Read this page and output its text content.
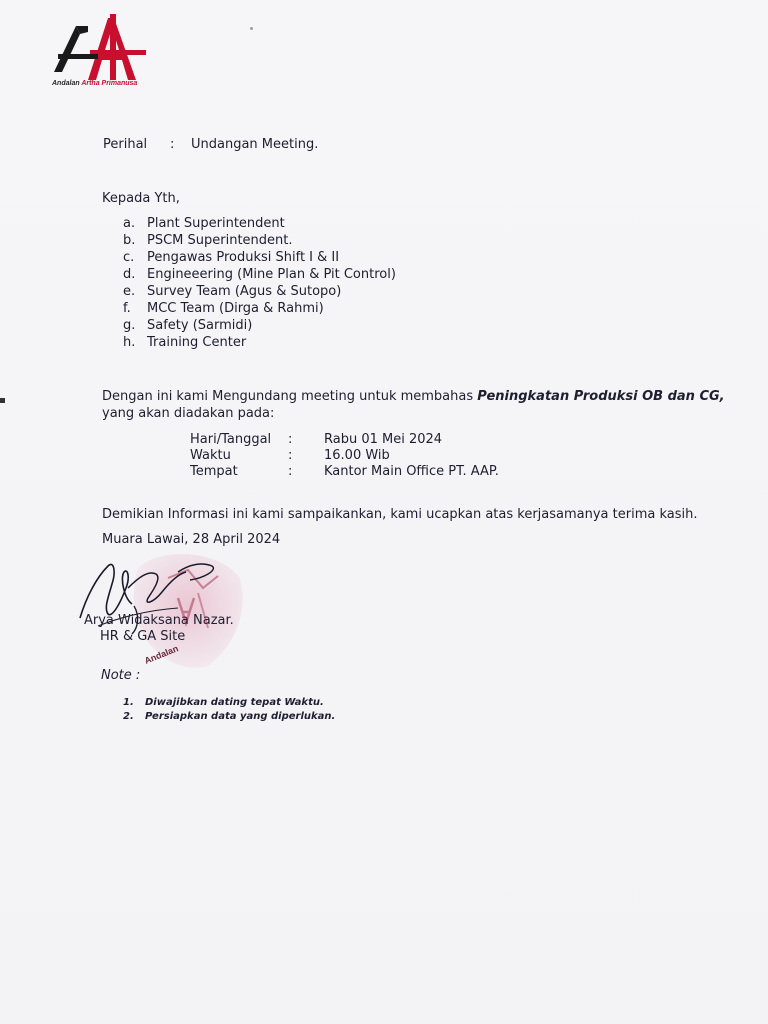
Andalan Artha Primanusa
Perihal : Undangan Meeting.
Kepada Yth,
a. Plant Superintendent
b. PSCM Superintendent.
c. Pengawas Produksi Shift I & II
d. Engineeering (Mine Plan & Pit Control)
e. Survey Team (Agus & Sutopo)
f. MCC Team (Dirga & Rahmi)
g. Safety (Sarmidi)
h. Training Center
Dengan ini kami Mengundang meeting untuk membahas Peningkatan Produksi OB dan CG,
yang akan diadakan pada:
Hari/Tanggal : Rabu 01 Mei 2024
Waktu	: 16.00 Wib
Tempat	: Kantor Main Office PT. AAP.
Demikian Informasi ini kami sampaikankan, kami ucapkan atas kerjasamanya terima kasih.
Muara Lawai, 28 April 2024
Andalan
Arya Widaksana Nazar.
HR & GA Site
Note :
1. Diwajibkan dating tepat Waktu.
2. Persiapkan data yang diperlukan.
